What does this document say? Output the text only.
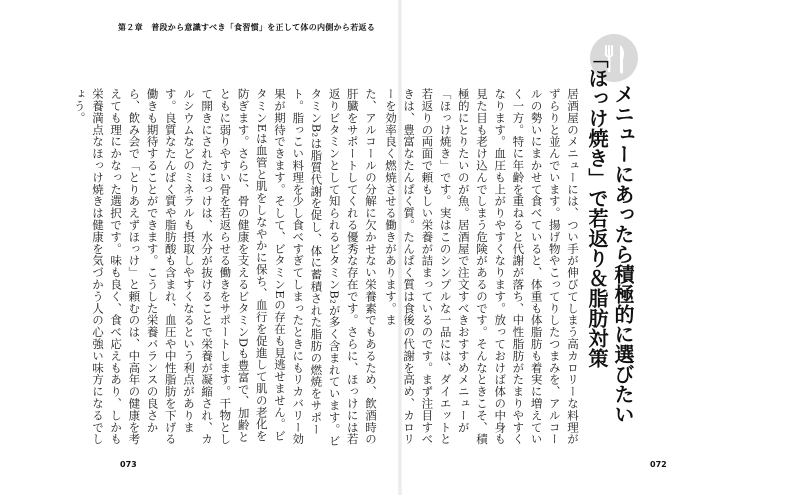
第２章　普段から意識すべき「食習慣」を正して体の内側から若返る
た、アルコールの分解に欠かせない栄養素でもあるため、飲酒時の肝臓をサポートしてくれる優秀な存在です。さらに、ほっけには若返りビタミンとして知られるビタミンB₂が多く含まれています。ビタミンB₂は脂質代謝を促し、体に蓄積された脂肪の燃焼をサポート。脂っこい料理を少し食べすぎてしまったときにもリカバリー効果が期待できます。そして、ビタミンEの存在も見逃せません。ビタミンEは血管と肌をしなやかに保ち、血行を促進して肌の老化を防ぎます。さらに、骨の健康を支えるビタミンDも豊富で、加齢とともに弱りやすい骨を若返らせる働きをサポートします。干物として開きにされたほっけは、水分が抜けることで栄養が凝縮され、カルシウムなどのミネラルも摂取しやすくなるという利点があります。良質なたんぱく質や脂肪酸も含まれ、血圧や中性脂肪を下げる働きも期待することができます。こうした栄養バランスの良さから、飲み会で「とりあえずほっけ」と頼むのは、中高年の健康を考えても理にかなった選択です。味も良く、食べ応えもあり、しかも栄養満点なほっけ焼きは健康を気づかう人の心強い味方になるでしょう。
073
メニューにあったら積極的に選びたい
「ほっけ焼き」で若返り＆脂肪対策
居酒屋のメニューには、つい手が伸びてしまう高カロリーな料理がずらりと並んでいます。揚げ物やこってりしたつまみを、アルコールの勢いにまかせて食べていると、体重も体脂肪も着実に増えていく一方。特に年齢を重ねると代謝が落ち、中性脂肪がたまりやすくなります。血圧も上がりやすくなります。放っておけば体の中身も見た目も老け込んでしまう危険があるのです。そんなときこそ、積極的にとりたいのが魚。居酒屋で注文すべきおすすめメニューが「ほっけ焼き」です。実はこのシンプルな一品には、ダイエットと若返りの両面で頼もしい栄養が詰まっているのです。まず注目すべきは、豊富なたんぱく質。たんぱく質は食後の代謝を高め、カロリーを効率良く燃焼させる働きがあります。ま
072
